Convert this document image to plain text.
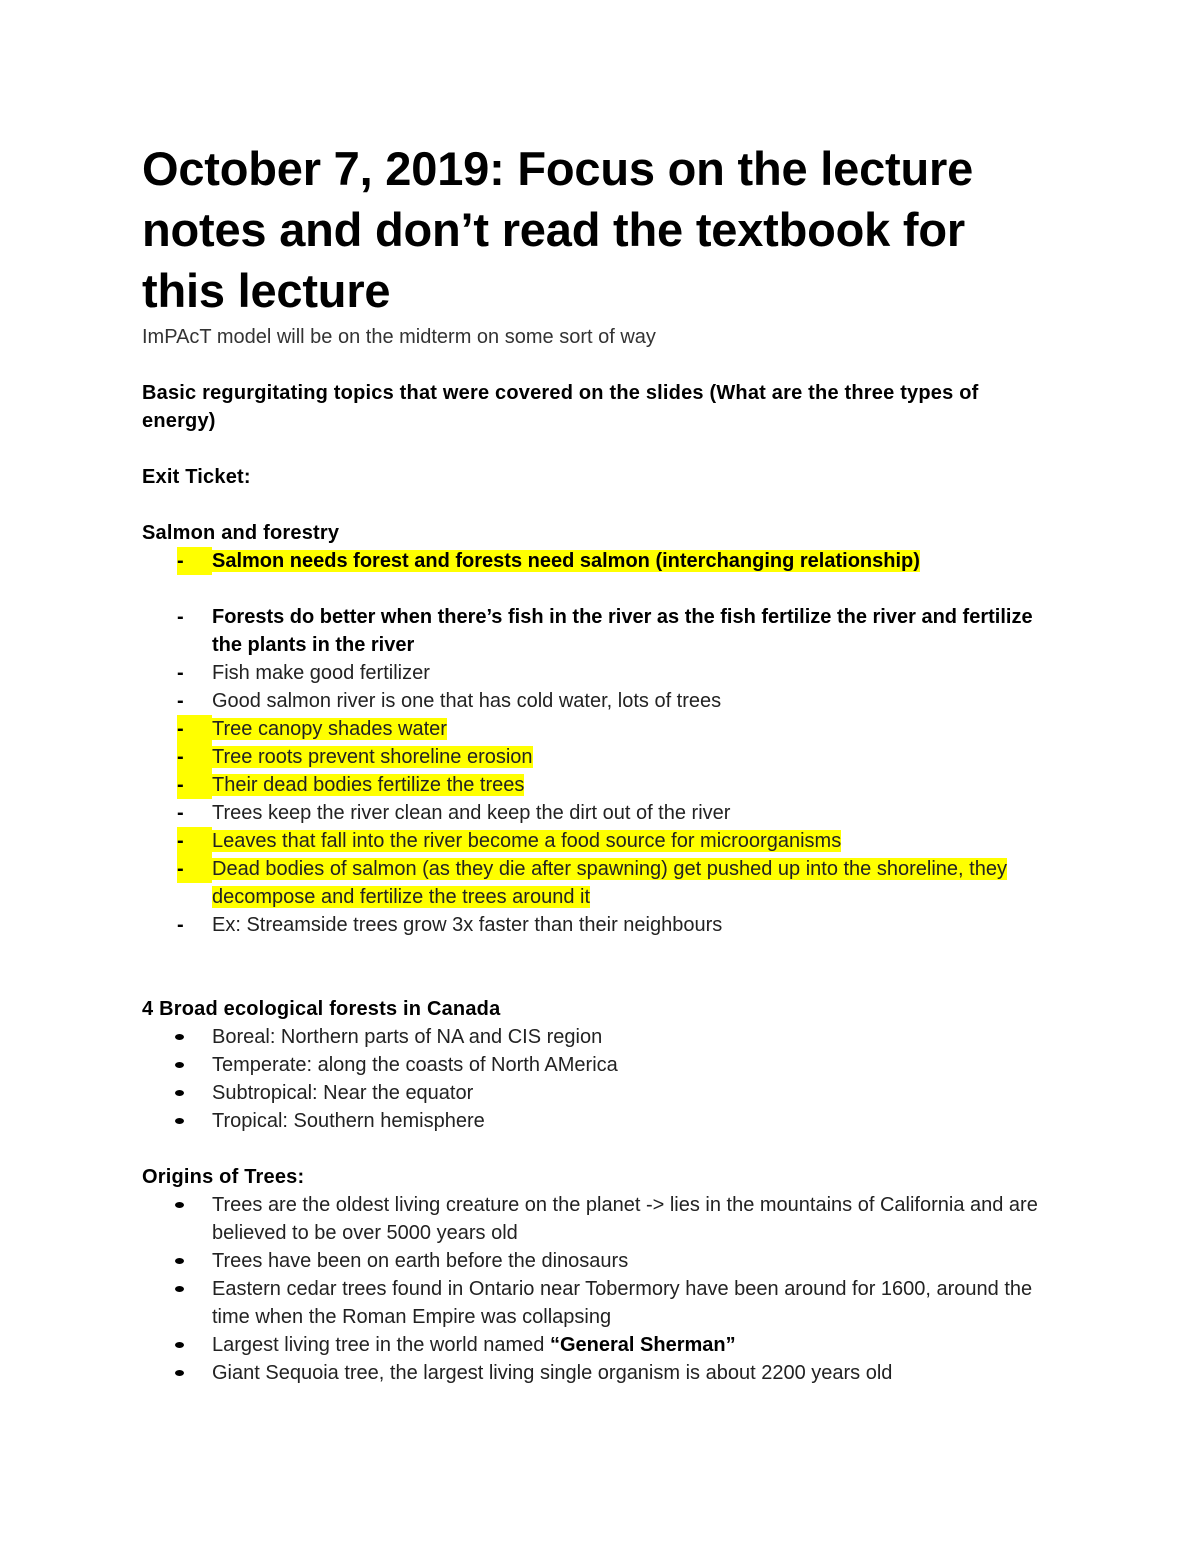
October 7, 2019: Focus on the lecture notes and don’t read the textbook for this lecture

ImPAcT model will be on the midterm on some sort of way

Basic regurgitating topics that were covered on the slides (What are the three types of energy)
Exit Ticket:
Salmon and forestry
-	Salmon needs forest and forests need salmon (interchanging relationship)
-	Forests do better when there’s fish in the river as the fish fertilize the river and fertilize the plants in the river
-	Fish make good fertilizer
-	Good salmon river is one that has cold water, lots of trees
-	Tree canopy shades water
-	Tree roots prevent shoreline erosion
-	Their dead bodies fertilize the trees
-	Trees keep the river clean and keep the dirt out of the river
-	Leaves that fall into the river become a food source for microorganisms
-	Dead bodies of salmon (as they die after spawning) get pushed up into the shoreline, they decompose and fertilize the trees around it
-	Ex: Streamside trees grow 3x faster than their neighbours
4 Broad ecological forests in Canada
Boreal: Northern parts of NA and CIS region
Temperate: along the coasts of North AMerica
Subtropical: Near the equator
Tropical: Southern hemisphere
Origins of Trees:
Trees are the oldest living creature on the planet -> lies in the mountains of California and are believed to be over 5000 years old
Trees have been on earth before the dinosaurs
Eastern cedar trees found in Ontario near Tobermory have been around for 1600, around the time when the Roman Empire was collapsing
Largest living tree in the world named “General Sherman”
Giant Sequoia tree, the largest living single organism is about 2200 years old
